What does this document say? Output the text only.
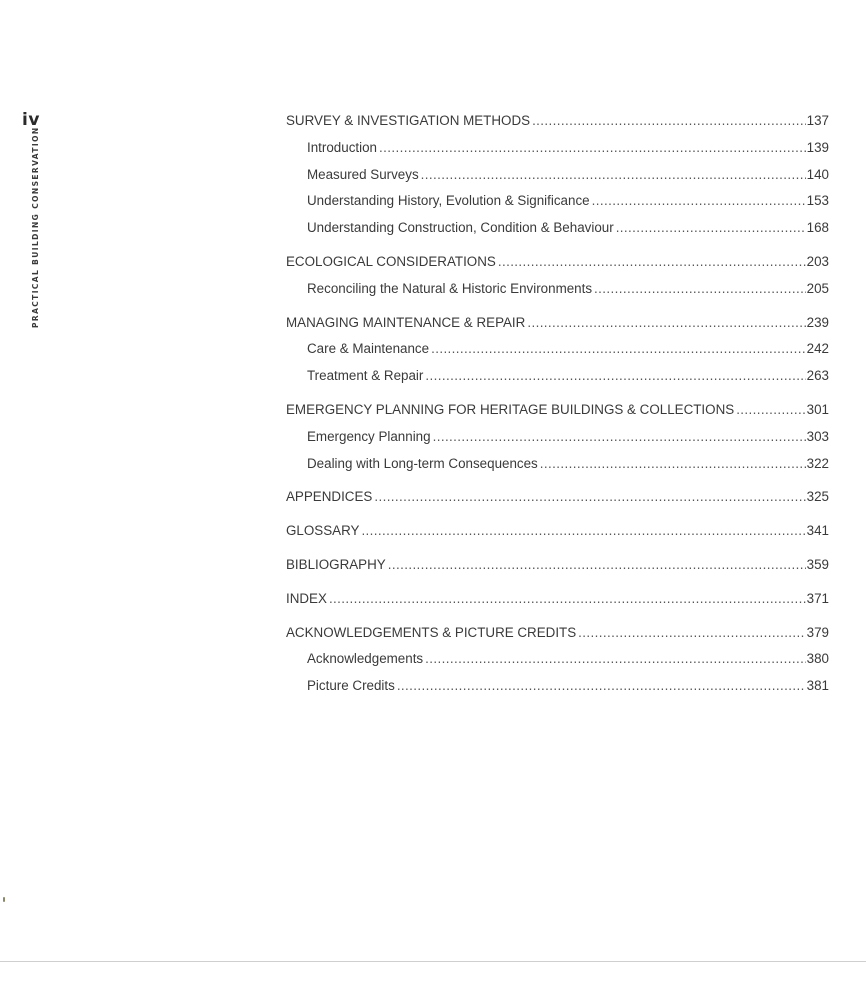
iv
PRACTICAL BUILDING CONSERVATION
SURVEY & INVESTIGATION METHODS .....	137
Introduction .....	139
Measured Surveys .....	140
Understanding History, Evolution & Significance .....	153
Understanding Construction, Condition & Behaviour .....	168
ECOLOGICAL CONSIDERATIONS .....	203
Reconciling the Natural & Historic Environments .....	205
MANAGING MAINTENANCE & REPAIR .....	239
Care & Maintenance .....	242
Treatment & Repair .....	263
EMERGENCY PLANNING FOR HERITAGE BUILDINGS & COLLECTIONS .....	301
Emergency Planning .....	303
Dealing with Long-term Consequences .....	322
APPENDICES .....	325
GLOSSARY .....	341
BIBLIOGRAPHY .....	359
INDEX .....	371
ACKNOWLEDGEMENTS & PICTURE CREDITS .....	379
Acknowledgements .....	380
Picture Credits .....	381
